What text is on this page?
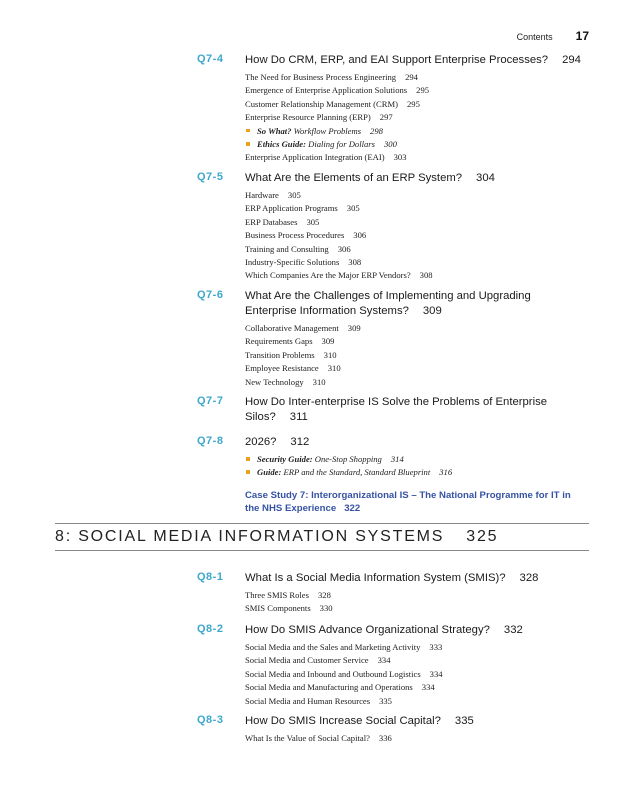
Contents 17
Q7-4	How Do CRM, ERP, and EAI Support Enterprise Processes? 294
The Need for Business Process Engineering 294
Emergence of Enterprise Application Solutions 295
Customer Relationship Management (CRM) 295
Enterprise Resource Planning (ERP) 297
So What? Workflow Problems 298
Ethics Guide: Dialing for Dollars 300
Enterprise Application Integration (EAI) 303
Q7-5	What Are the Elements of an ERP System? 304
Hardware 305
ERP Application Programs 305
ERP Databases 305
Business Process Procedures 306
Training and Consulting 306
Industry-Specific Solutions 308
Which Companies Are the Major ERP Vendors? 308
Q7-6	What Are the Challenges of Implementing and Upgrading Enterprise Information Systems? 309
Collaborative Management 309
Requirements Gaps 309
Transition Problems 310
Employee Resistance 310
New Technology 310
Q7-7	How Do Inter-enterprise IS Solve the Problems of Enterprise Silos? 311
Q7-8	2026? 312
Security Guide: One-Stop Shopping 314
Guide: ERP and the Standard, Standard Blueprint 316
Case Study 7: Interorganizational IS – The National Programme for IT in the NHS Experience 322
8: SOCIAL MEDIA INFORMATION SYSTEMS 325
Q8-1	What Is a Social Media Information System (SMIS)? 328
Three SMIS Roles 328
SMIS Components 330
Q8-2	How Do SMIS Advance Organizational Strategy? 332
Social Media and the Sales and Marketing Activity 333
Social Media and Customer Service 334
Social Media and Inbound and Outbound Logistics 334
Social Media and Manufacturing and Operations 334
Social Media and Human Resources 335
Q8-3	How Do SMIS Increase Social Capital? 335
What Is the Value of Social Capital? 336
